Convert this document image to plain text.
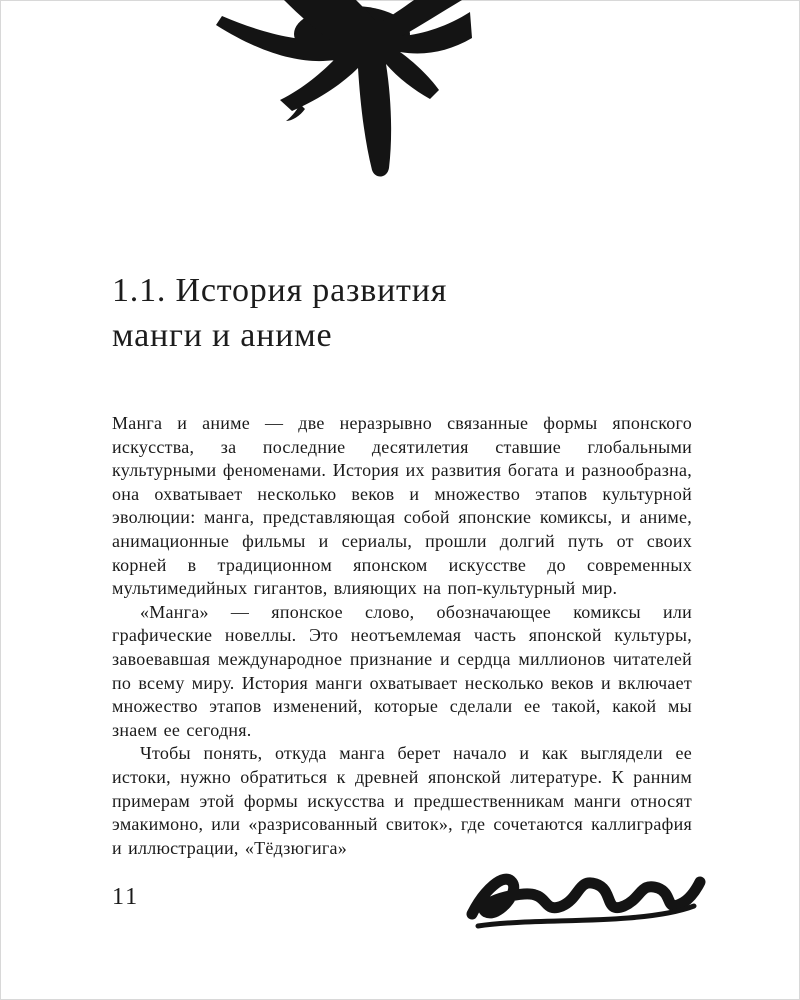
1.1. История развития
манги и аниме

Манга и аниме — две неразрывно связанные формы японского искусства, за последние десятилетия ставшие глобальными культурными феноменами. История их развития богата и разнообразна, она охватывает несколько веков и множество этапов культурной эволюции: манга, представляющая собой японские комиксы, и аниме, анимационные фильмы и сериалы, прошли долгий путь от своих корней в традиционном японском искусстве до современных мультимедийных гигантов, влияющих на поп-культурный мир.

«Манга» — японское слово, обозначающее комиксы или графические новеллы. Это неотъемлемая часть японской культуры, завоевавшая международное признание и сердца миллионов читателей по всему миру. История манги охватывает несколько веков и включает множество этапов изменений, которые сделали ее такой, какой мы знаем ее сегодня.

Чтобы понять, откуда манга берет начало и как выглядели ее истоки, нужно обратиться к древней японской литературе. К ранним примерам этой формы искусства и предшественникам манги относят эмакимоно, или «разрисованный свиток», где сочетаются каллиграфия и иллюстрации, «Тёдзюгига»

11
